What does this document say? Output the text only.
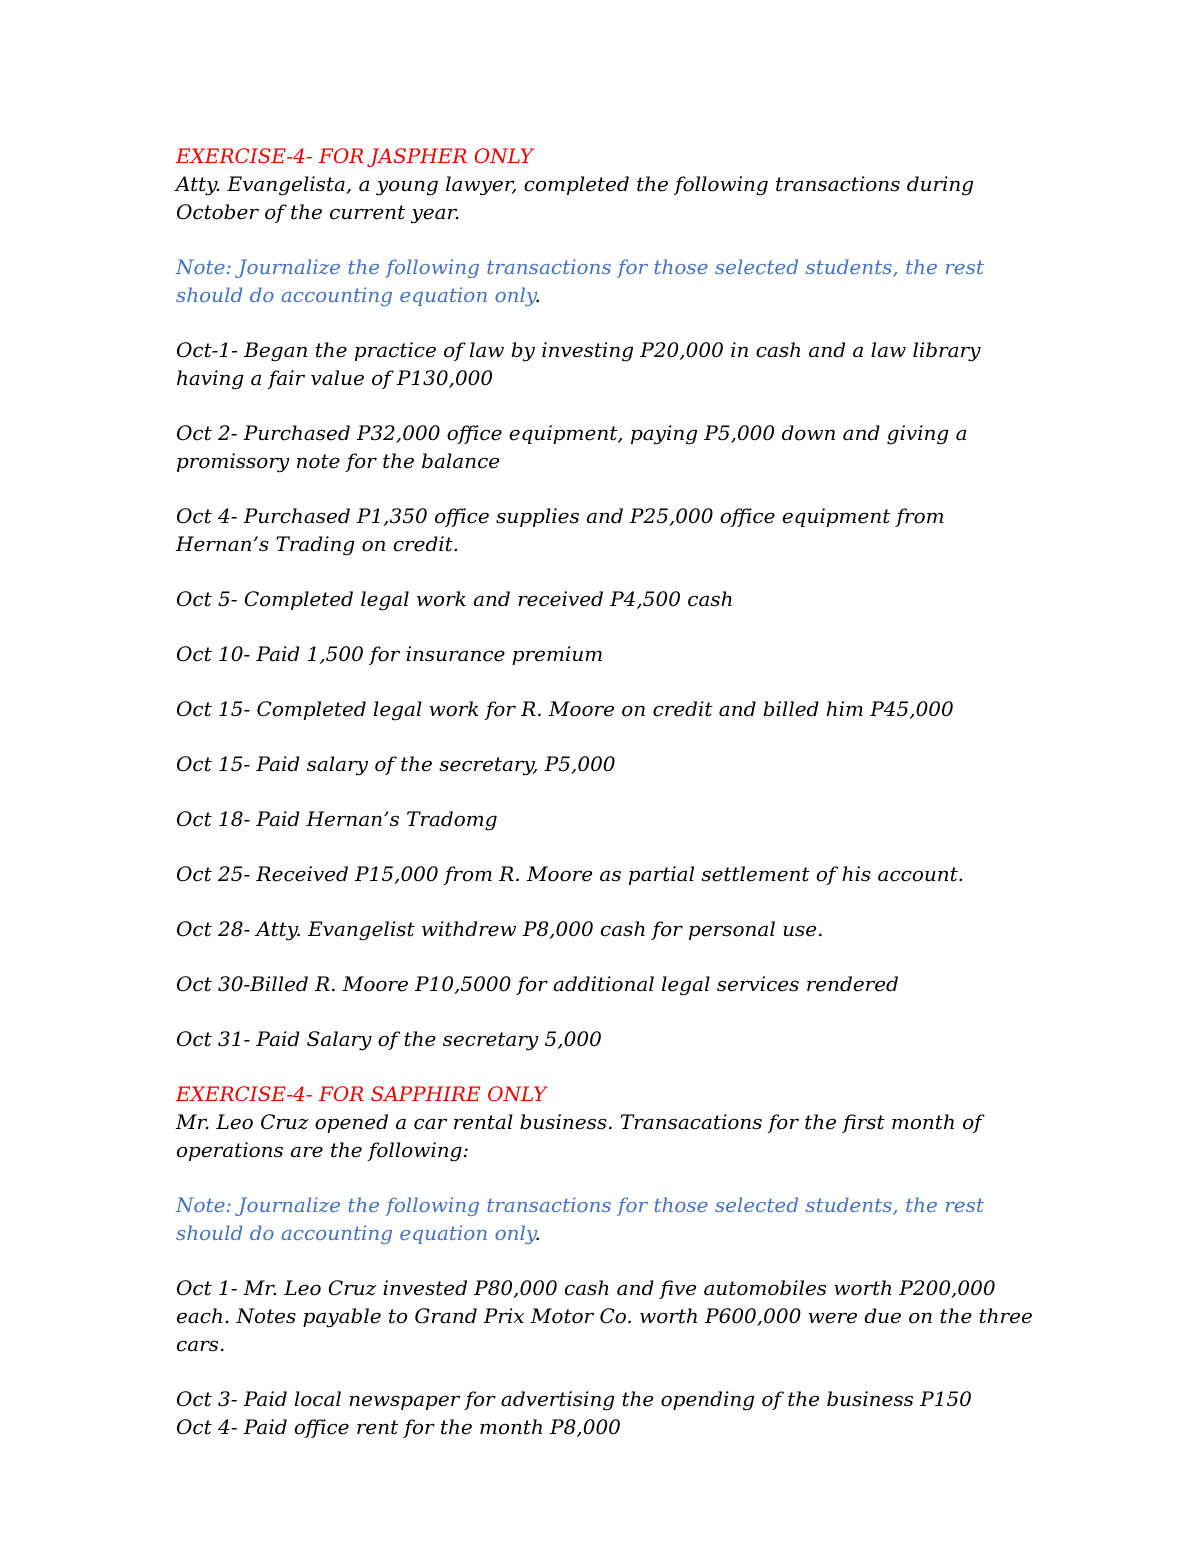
EXERCISE-4- FOR JASPHER ONLY

Atty. Evangelista, a young lawyer, completed the following transactions during October of the current year.

Note: Journalize the following transactions for those selected students, the rest should do accounting equation only.

Oct-1- Began the practice of law by investing P20,000 in cash and a law library having a fair value of P130,000

Oct 2- Purchased P32,000 office equipment, paying P5,000 down and giving a promissory note for the balance

Oct 4- Purchased P1,350 office supplies and P25,000 office equipment from Hernan’s Trading on credit.

Oct 5- Completed legal work and received P4,500 cash

Oct 10- Paid 1,500 for insurance premium

Oct 15- Completed legal work for R. Moore on credit and billed him P45,000

Oct 15- Paid salary of the secretary, P5,000

Oct 18- Paid Hernan’s Tradomg

Oct 25- Received P15,000 from R. Moore as partial settlement of his account.

Oct 28- Atty. Evangelist withdrew P8,000 cash for personal use.

Oct 30-Billed R. Moore P10,5000 for additional legal services rendered

Oct 31- Paid Salary of the secretary 5,000

EXERCISE-4- FOR SAPPHIRE ONLY

Mr. Leo Cruz opened a car rental business. Transacations for the first month of operations are the following:

Note: Journalize the following transactions for those selected students, the rest should do accounting equation only.

Oct 1- Mr. Leo Cruz invested P80,000 cash and five automobiles worth P200,000 each. Notes payable to Grand Prix Motor Co. worth P600,000 were due on the three cars.

Oct 3- Paid local newspaper for advertising the opending of the business P150

Oct 4- Paid office rent for the month P8,000
